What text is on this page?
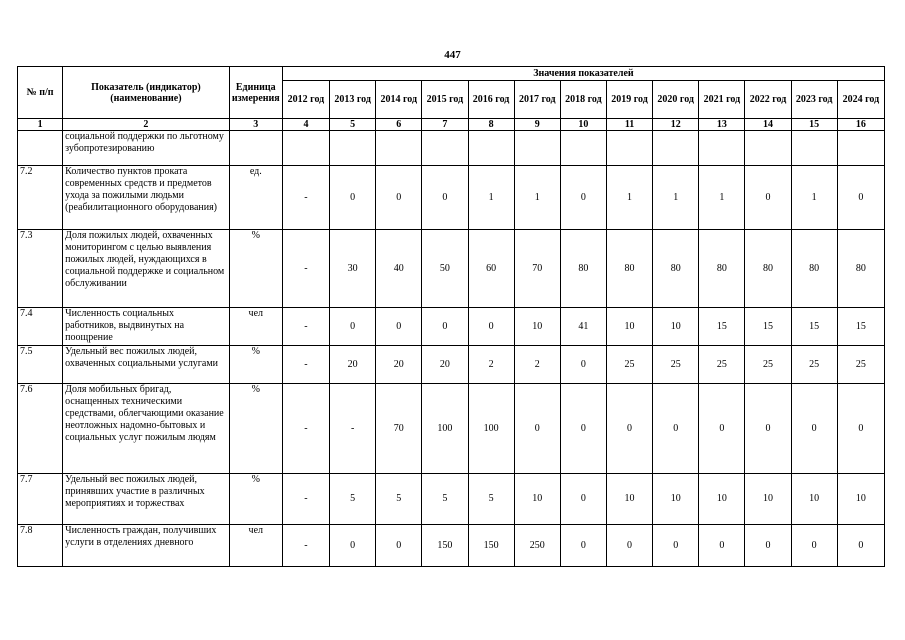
447
№ п/п	Показатель (индикатор) (наименование)	Единица измерения	Значения показателей												
			2012 год	2013 год	2014 год	2015 год	2016 год	2017 год	2018 год	2019 год	2020 год	2021 год	2022 год	2023 год	2024 год
1	2	3	4	5	6	7	8	9	10	11	12	13	14	15	16
	социальной поддержки по льготному зубопротезированию														
7.2	Количество пунктов проката современных средств и предметов ухода за пожилыми людьми (реабилитационного оборудования)	ед.	-	0	0	0	1	1	0	1	1	1	0	1	0
7.3	Доля пожилых людей, охваченных мониторингом с целью выявления пожилых людей, нуждающихся в социальной поддержке и социальном обслуживании	%	-	30	40	50	60	70	80	80	80	80	80	80	80
7.4	Численность социальных работников, выдвинутых на поощрение	чел	-	0	0	0	0	10	41	10	10	15	15	15	15
7.5	Удельный вес пожилых людей, охваченных социальными услугами	%	-	20	20	20	2	2	0	25	25	25	25	25	25
7.6	Доля мобильных бригад, оснащенных техническими средствами, облегчающими оказание неотложных надомно-бытовых и социальных услуг пожилым людям	%	-	-	70	100	100	0	0	0	0	0	0	0	0
7.7	Удельный вес пожилых людей, принявших участие в различных мероприятиях и торжествах	%	-	5	5	5	5	10	0	10	10	10	10	10	10
7.8	Численность граждан, получивших услуги в отделениях дневного	чел	-	0	0	150	150	250	0	0	0	0	0	0	0
